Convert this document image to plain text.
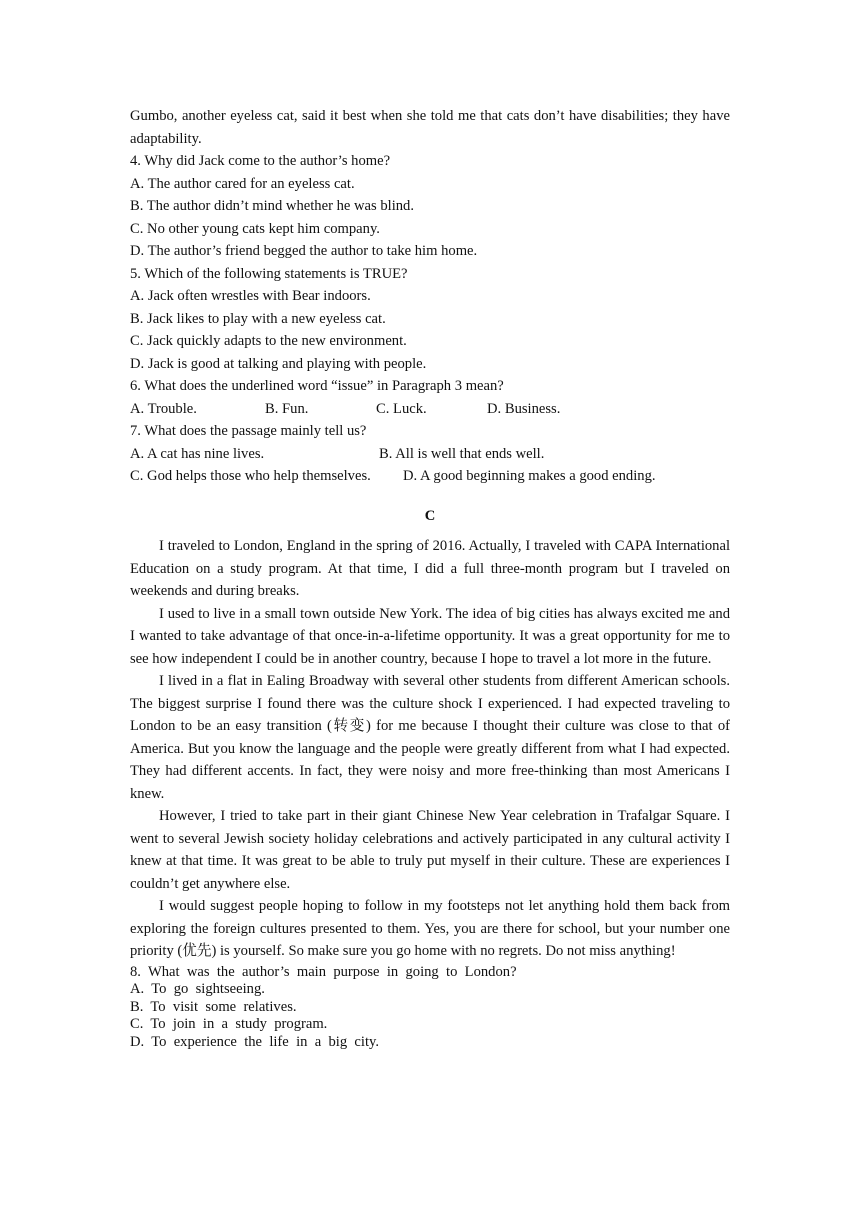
Gumbo, another eyeless cat, said it best when she told me that cats don’t have disabilities; they have adaptability.

4. Why did Jack come to the author’s home?

A. The author cared for an eyeless cat.
B. The author didn’t mind whether he was blind.
C. No other young cats kept him company.
D. The author’s friend begged the author to take him home.

5. Which of the following statements is TRUE?

A. Jack often wrestles with Bear indoors.
B. Jack likes to play with a new eyeless cat.
C. Jack quickly adapts to the new environment.
D. Jack is good at talking and playing with people.

6. What does the underlined word “issue” in Paragraph 3 mean?

A. Trouble.	B. Fun.	C. Luck.	D. Business.

7. What does the passage mainly tell us?

A. A cat has nine lives.	B. All is well that ends well.
C. God helps those who help themselves.	D. A good beginning makes a good ending.

C

I traveled to London, England in the spring of 2016. Actually, I traveled with CAPA International Education on a study program. At that time, I did a full three-month program but I traveled on weekends and during breaks.

I used to live in a small town outside New York. The idea of big cities has always excited me and I wanted to take advantage of that once-in-a-lifetime opportunity. It was a great opportunity for me to see how independent I could be in another country, because I hope to travel a lot more in the future.

I lived in a flat in Ealing Broadway with several other students from different American schools. The biggest surprise I found there was the culture shock I experienced. I had expected traveling to London to be an easy transition (转变) for me because I thought their culture was close to that of America. But you know the language and the people were greatly different from what I had expected. They had different accents. In fact, they were noisy and more free-thinking than most Americans I knew.

However, I tried to take part in their giant Chinese New Year celebration in Trafalgar Square. I went to several Jewish society holiday celebrations and actively participated in any cultural activity I knew at that time. It was great to be able to truly put myself in their culture. These are experiences I couldn’t get anywhere else.

I would suggest people hoping to follow in my footsteps not let anything hold them back from exploring the foreign cultures presented to them. Yes, you are there for school, but your number one priority (优先) is yourself. So make sure you go home with no regrets. Do not miss anything!

8.  What  was  the  author’s  main  purpose  in  going  to  London?

A.  To  go  sightseeing.
B.  To  visit  some  relatives.
C.  To  join  in  a  study  program.
D.  To  experience  the  life  in  a  big  city.
